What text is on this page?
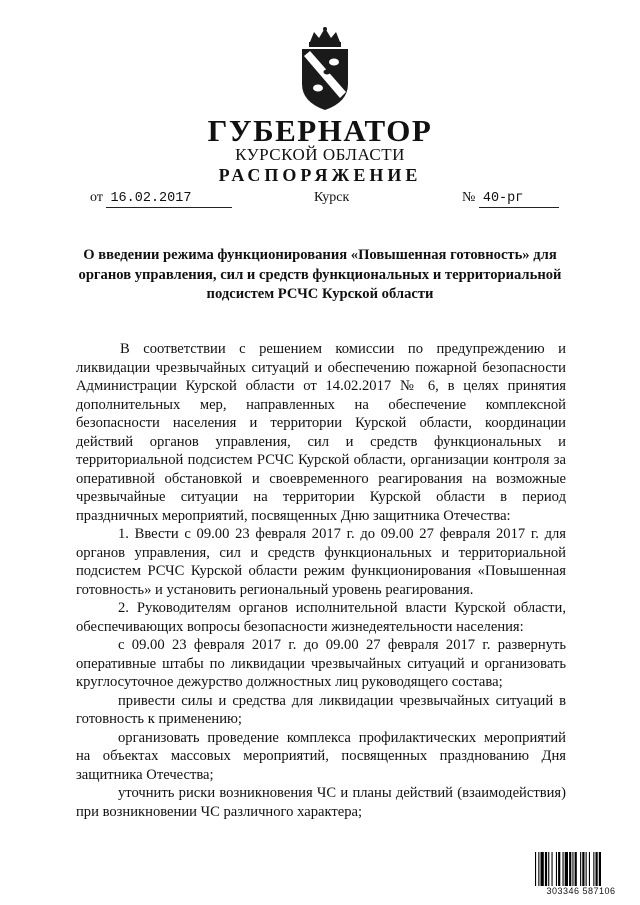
ГУБЕРНАТОР
КУРСКОЙ ОБЛАСТИ
РАСПОРЯЖЕНИЕ
от 16.02.2017	Курск	№ 40-рг
О введении режима функционирования «Повышенная готовность» для органов управления, сил и средств функциональных и территориальной подсистем РСЧС Курской области

В соответствии с решением комиссии по предупреждению и ликвидации чрезвычайных ситуаций и обеспечению пожарной безопасности Администрации Курской области от 14.02.2017 № 6, в целях принятия дополнительных мер, направленных на обеспечение комплексной безопасности населения и территории Курской области, координации действий органов управления, сил и средств функциональных и территориальной подсистем РСЧС Курской области, организации контроля за оперативной обстановкой и своевременного реагирования на возможные чрезвычайные ситуации на территории Курской области в период праздничных мероприятий, посвященных Дню защитника Отечества:

1. Ввести с 09.00 23 февраля 2017 г. до 09.00 27 февраля 2017 г. для органов управления, сил и средств функциональных и территориальной подсистем РСЧС Курской области режим функционирования «Повышенная готовность» и установить региональный уровень реагирования.

2. Руководителям органов исполнительной власти Курской области, обеспечивающих вопросы безопасности жизнедеятельности населения:

с 09.00 23 февраля 2017 г. до 09.00 27 февраля 2017 г. развернуть оперативные штабы по ликвидации чрезвычайных ситуаций и организовать круглосуточное дежурство должностных лиц руководящего состава;

привести силы и средства для ликвидации чрезвычайных ситуаций в готовность к применению;

организовать проведение комплекса профилактических мероприятий на объектах массовых мероприятий, посвященных празднованию Дня защитника Отечества;

уточнить риски возникновения ЧС и планы действий (взаимодействия) при возникновении ЧС различного характера;

303346 587106
